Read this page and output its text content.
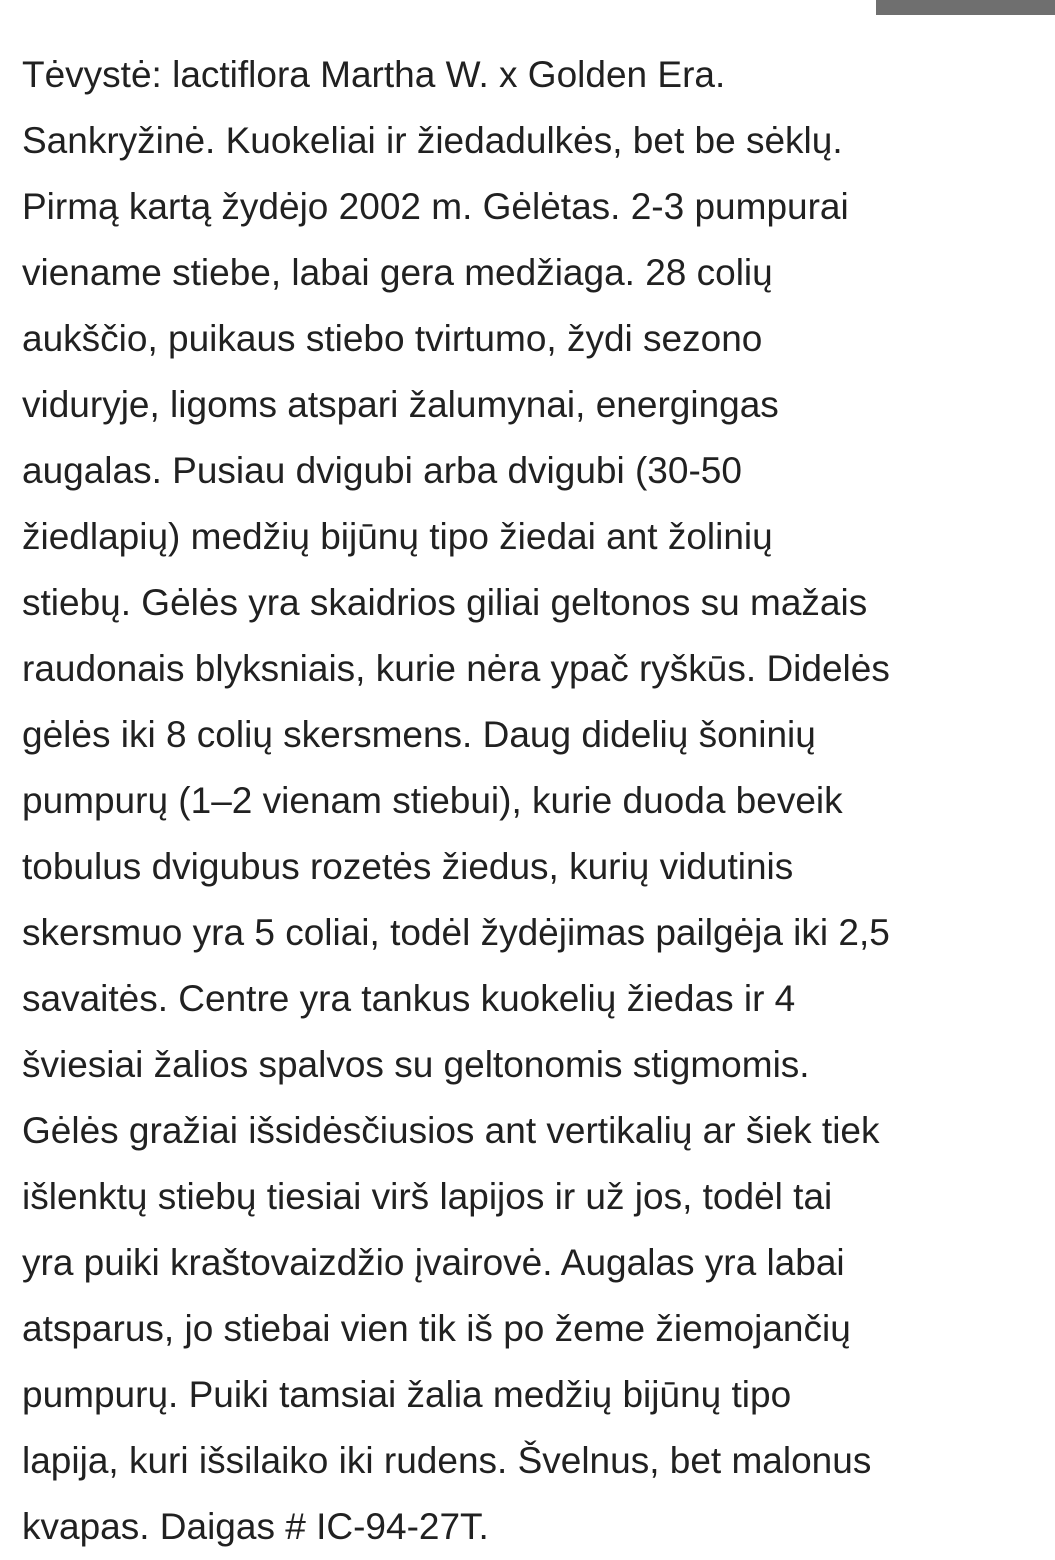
Tėvystė: lactiflora Martha W. x Golden Era.
Sankryžinė. Kuokeliai ir žiedadulkės, bet be sėklų.
Pirmą kartą žydėjo 2002 m. Gėlėtas. 2-3 pumpurai
viename stiebe, labai gera medžiaga. 28 colių
aukščio, puikaus stiebo tvirtumo, žydi sezono
viduryje, ligoms atspari žalumynai, energingas
augalas. Pusiau dvigubi arba dvigubi (30-50
žiedlapių) medžių bijūnų tipo žiedai ant žolinių
stiebų. Gėlės yra skaidrios giliai geltonos su mažais
raudonais blyksniais, kurie nėra ypač ryškūs. Didelės
gėlės iki 8 colių skersmens. Daug didelių šoninių
pumpurų (1–2 vienam stiebui), kurie duoda beveik
tobulus dvigubus rozetės žiedus, kurių vidutinis
skersmuo yra 5 coliai, todėl žydėjimas pailgėja iki 2,5
savaitės. Centre yra tankus kuokelių žiedas ir 4
šviesiai žalios spalvos su geltonomis stigmomis.
Gėlės gražiai išsidėsčiusios ant vertikalių ar šiek tiek
išlenktų stiebų tiesiai virš lapijos ir už jos, todėl tai
yra puiki kraštovaizdžio įvairovė. Augalas yra labai
atsparus, jo stiebai vien tik iš po žeme žiemojančių
pumpurų. Puiki tamsiai žalia medžių bijūnų tipo
lapija, kuri išsilaiko iki rudens. Švelnus, bet malonus
kvapas. Daigas # IC-94-27T.
